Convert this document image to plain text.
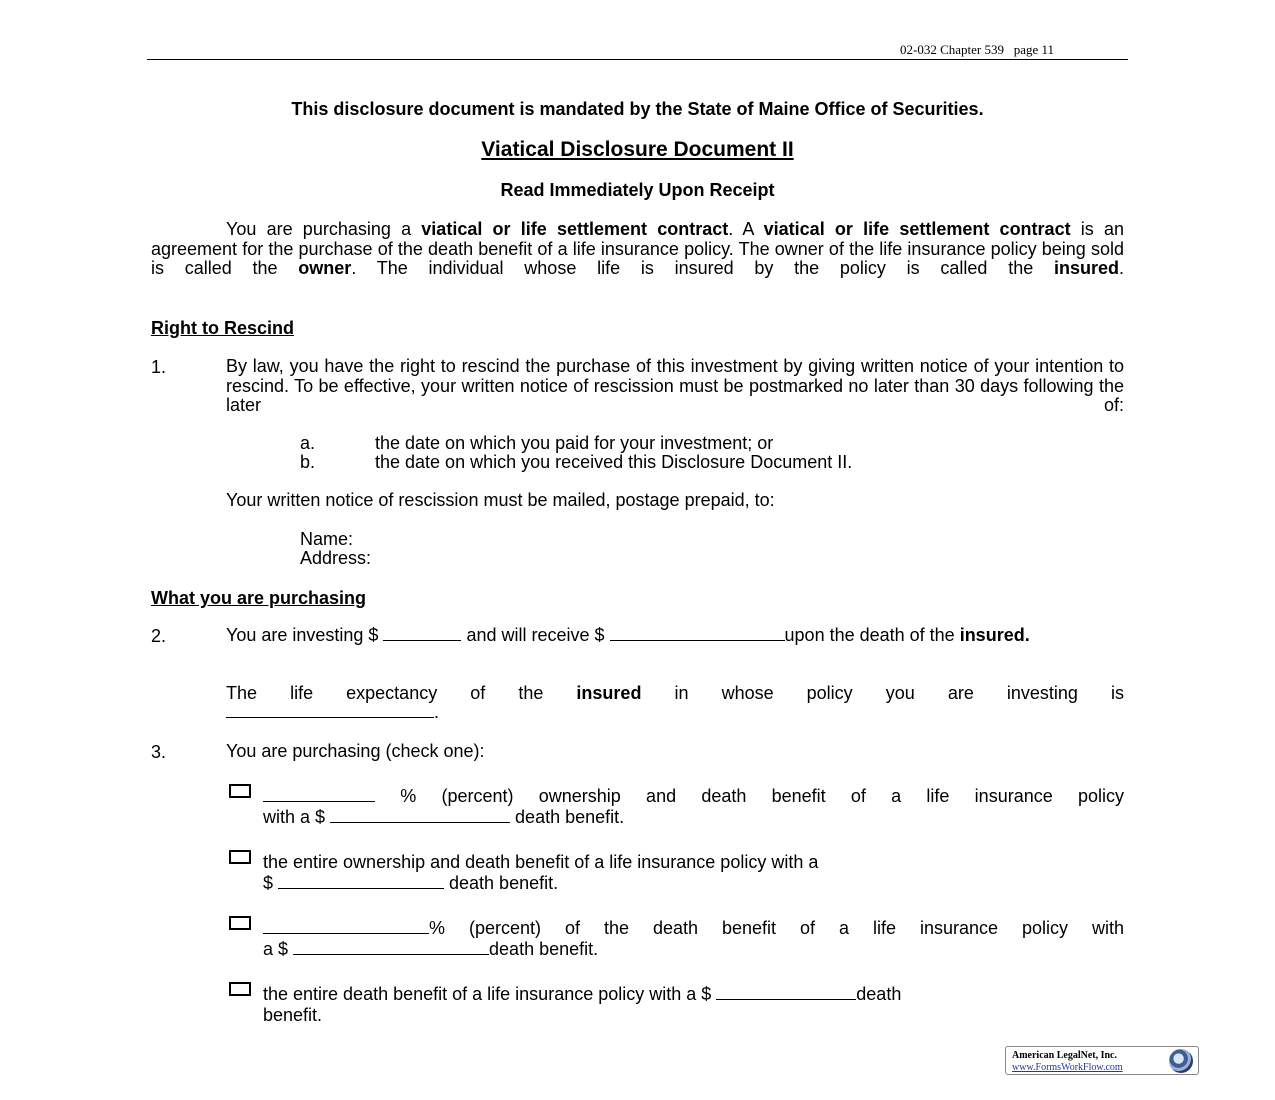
02-032 Chapter 539   page 11
This disclosure document is mandated by the State of Maine Office of Securities.
Viatical Disclosure Document II
Read Immediately Upon Receipt
You are purchasing a viatical or life settlement contract. A viatical or life settlement contract is an agreement for the purchase of the death benefit of a life insurance policy. The owner of the life insurance policy being sold is called the owner. The individual whose life is insured by the policy is called the insured.
Right to Rescind
1.	By law, you have the right to rescind the purchase of this investment by giving written notice of your intention to rescind. To be effective, your written notice of rescission must be postmarked no later than 30 days following the later of:
a.	the date on which you paid for your investment; or
b.	the date on which you received this Disclosure Document II.
Your written notice of rescission must be mailed, postage prepaid, to:
Name:
Address:
What you are purchasing
2.	You are investing $	and will receive $	upon the death of the insured.
The life expectancy of the insured in whose policy you are investing is
.
3.	You are purchasing (check one):
% (percent) ownership and death benefit of a life insurance policy
with a $	death benefit.
the entire ownership and death benefit of a life insurance policy with a
$	death benefit.
% (percent) of the death benefit of a life insurance policy with
a $	death benefit.
the entire death benefit of a life insurance policy with a $	death
benefit.
American LegalNet, Inc.
www.FormsWorkFlow.com
